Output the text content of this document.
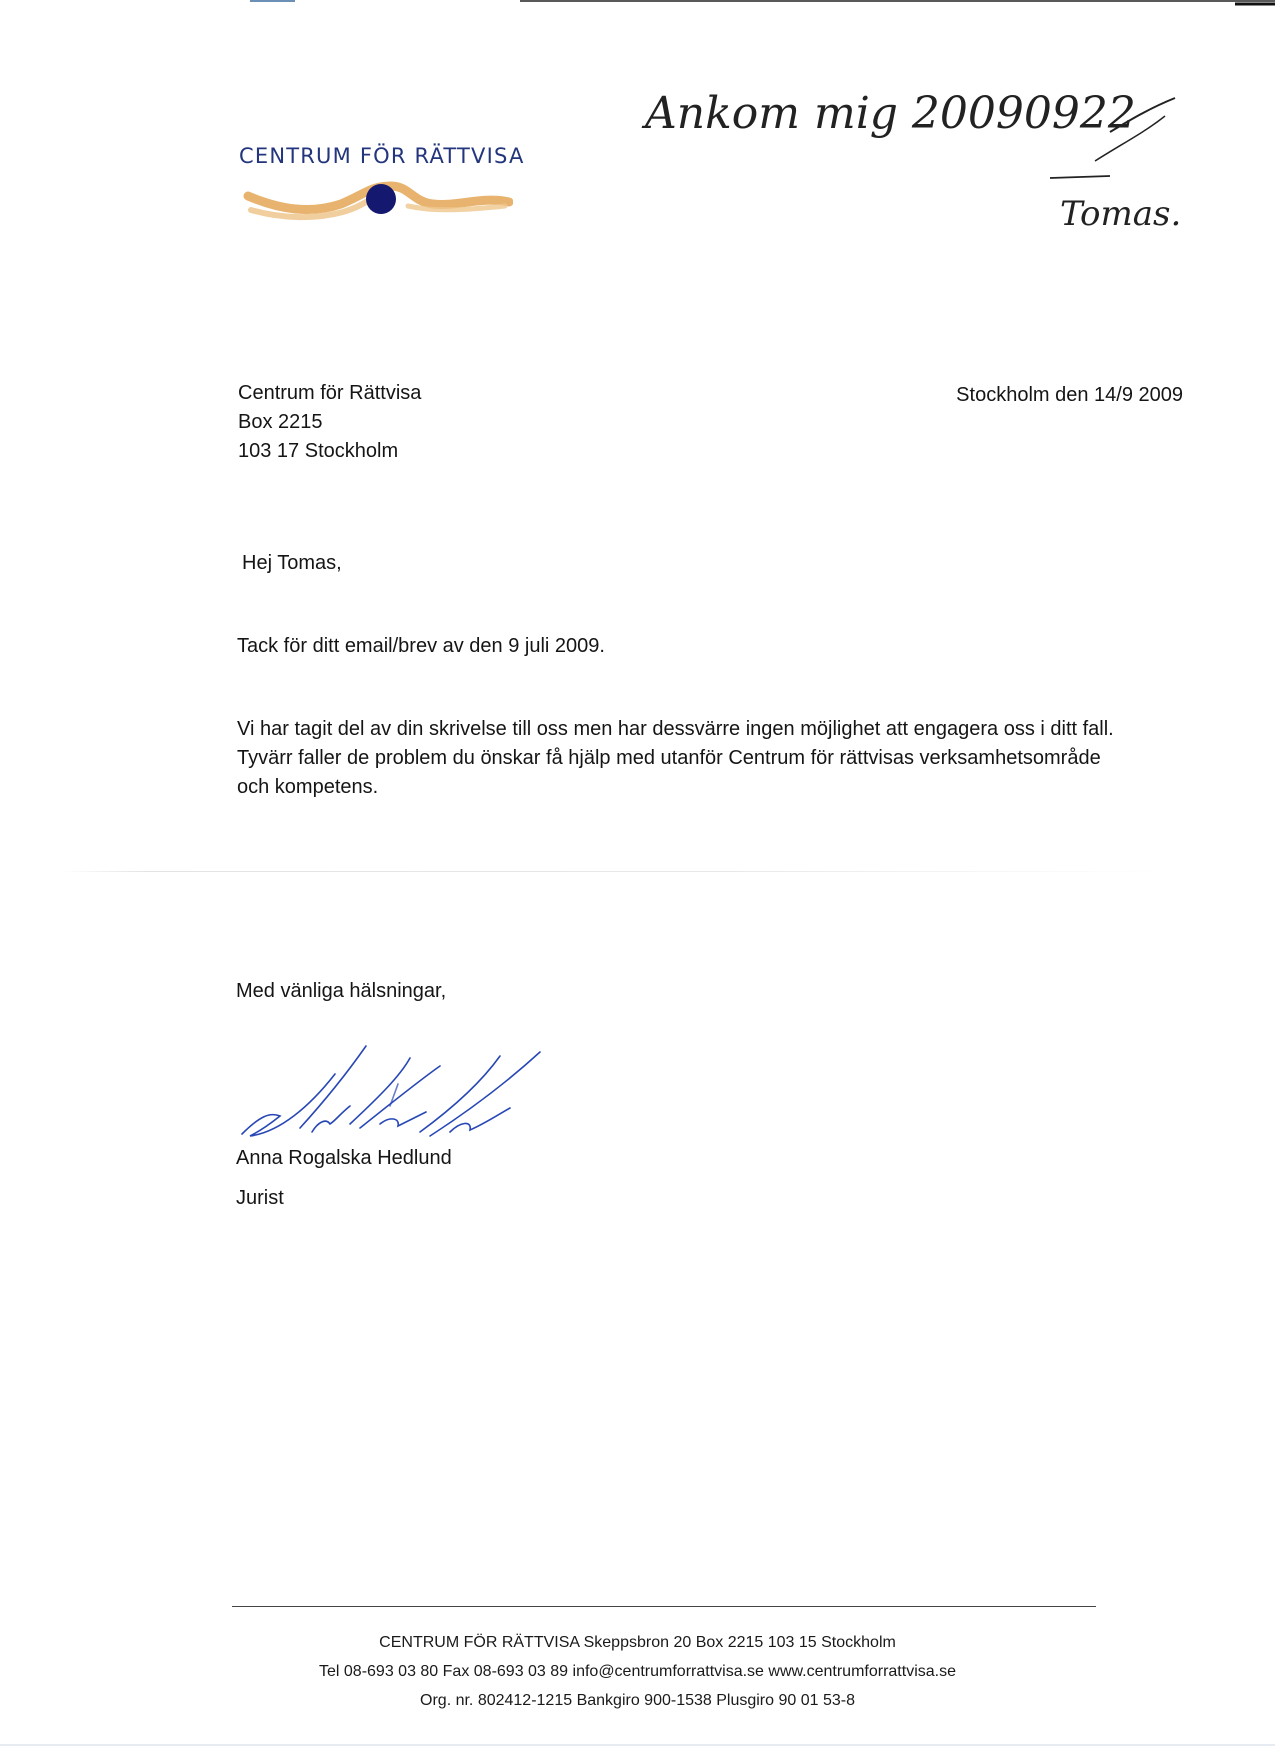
CENTRUM FÖR RÄTTVISA
Ankom mig 20090922
Tomas.
Centrum för Rättvisa
Box 2215
103 17 Stockholm
Stockholm den 14/9 2009
Hej Tomas,
Tack för ditt email/brev av den 9 juli 2009.
Vi har tagit del av din skrivelse till oss men har dessvärre ingen möjlighet att engagera oss i ditt fall. Tyvärr faller de problem du önskar få hjälp med utanför Centrum för rättvisas verksamhetsområde och kompetens.
Med vänliga hälsningar,
Anna Rogalska Hedlund
Jurist
CENTRUM FÖR RÄTTVISA Skeppsbron 20 Box 2215 103 15 Stockholm
Tel 08-693 03 80 Fax 08-693 03 89 info@centrumforrattvisa.se www.centrumforrattvisa.se
Org. nr. 802412-1215 Bankgiro 900-1538 Plusgiro 90 01 53-8
